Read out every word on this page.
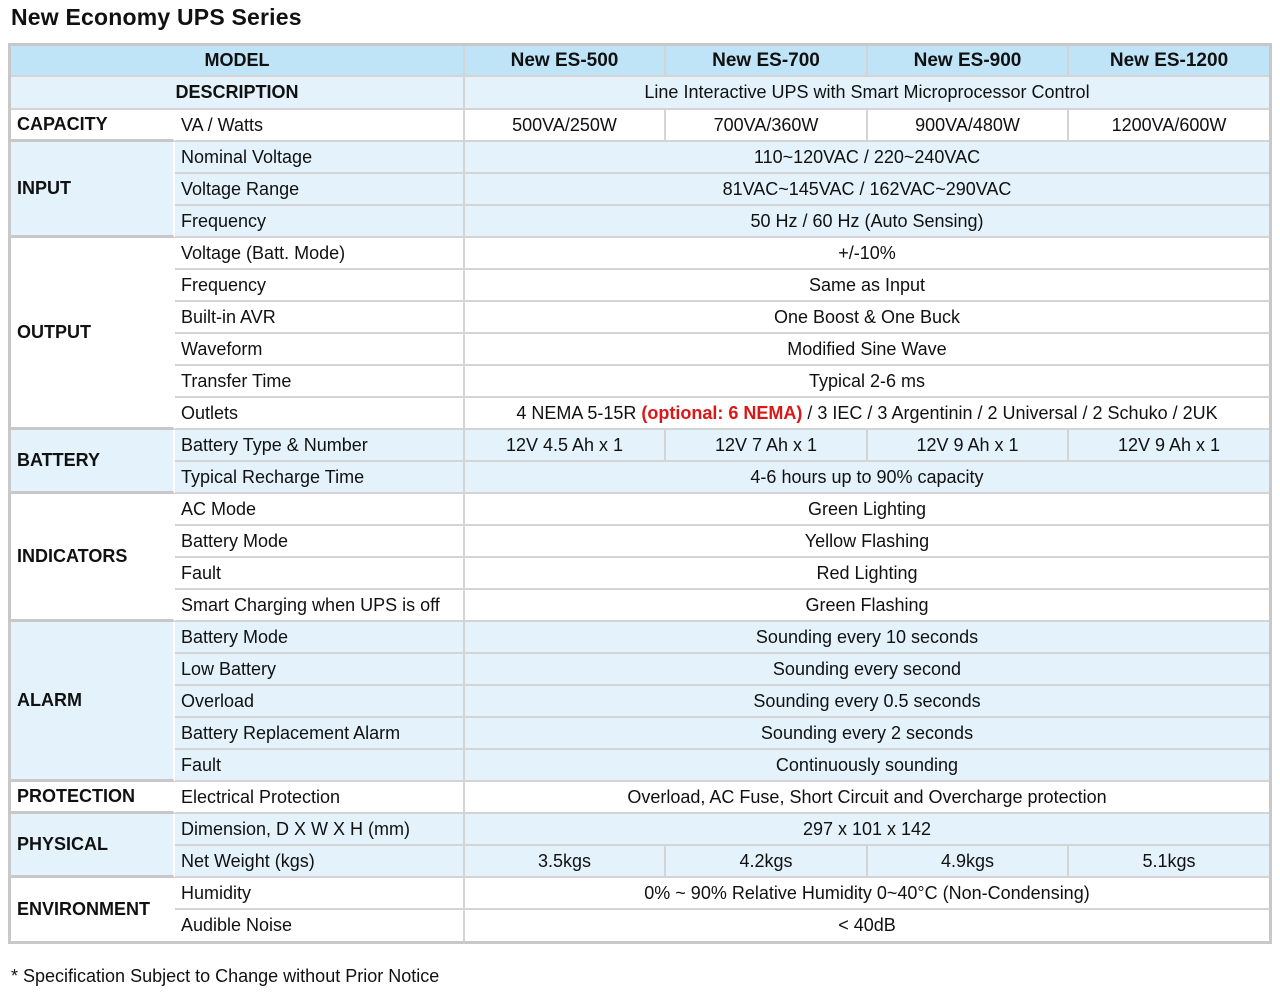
New Economy UPS Series
MODEL		New ES-500	New ES-700	New ES-900	New ES-1200
DESCRIPTION		Line Interactive UPS with Smart Microprocessor Control			
CAPACITY	VA / Watts	500VA/250W	700VA/360W	900VA/480W	1200VA/600W
INPUT	Nominal Voltage	110~120VAC / 220~240VAC			
	Voltage Range	81VAC~145VAC / 162VAC~290VAC			
	Frequency	50 Hz / 60 Hz (Auto Sensing)			
OUTPUT	Voltage (Batt. Mode)	+/-10%			
	Frequency	Same as Input			
	Built-in AVR	One Boost & One Buck			
	Waveform	Modified Sine Wave			
	Transfer Time	Typical 2-6 ms			
	Outlets	4 NEMA 5-15R (optional: 6 NEMA) / 3 IEC / 3 Argentinin / 2 Universal / 2 Schuko / 2UK			
BATTERY	Battery Type & Number	12V 4.5 Ah x 1	12V 7 Ah x 1	12V 9 Ah x 1	12V 9 Ah x 1
	Typical Recharge Time	4-6 hours up to 90% capacity			
INDICATORS	AC Mode	Green Lighting			
	Battery Mode	Yellow Flashing			
	Fault	Red Lighting			
	Smart Charging when UPS is off	Green Flashing			
ALARM	Battery Mode	Sounding every 10 seconds			
	Low Battery	Sounding every second			
	Overload	Sounding every 0.5 seconds			
	Battery Replacement Alarm	Sounding every 2 seconds			
	Fault	Continuously sounding			
PROTECTION	Electrical Protection	Overload, AC Fuse, Short Circuit and Overcharge protection			
PHYSICAL	Dimension, D X W X H (mm)	297 x 101 x 142			
	Net Weight (kgs)	3.5kgs	4.2kgs	4.9kgs	5.1kgs
ENVIRONMENT	Humidity	0% ~ 90% Relative Humidity 0~40°C (Non-Condensing)			
	Audible Noise	< 40dB			
* Specification Subject to Change without Prior Notice
